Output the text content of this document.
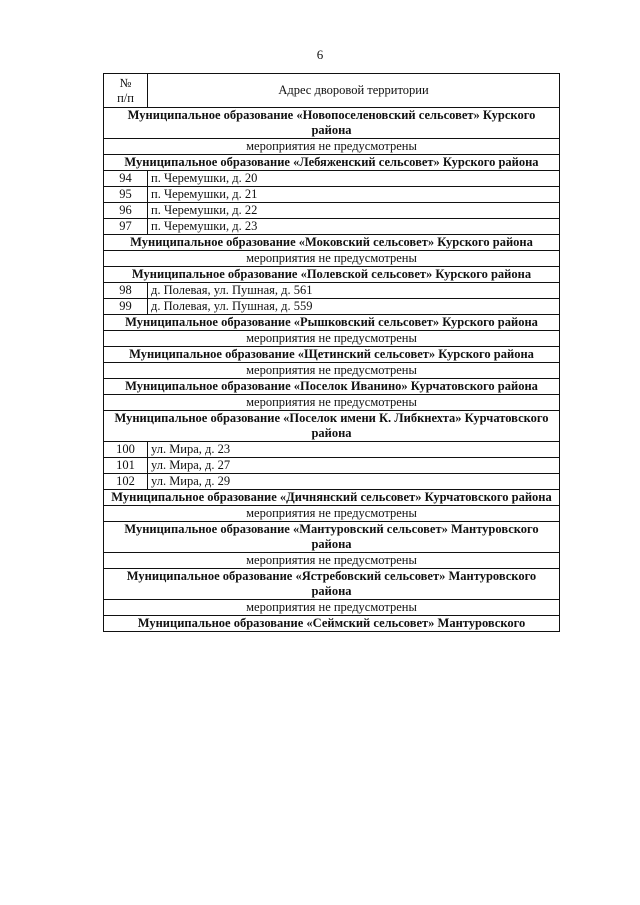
6
№
п/п	Адрес дворовой территории
Муниципальное образование «Новопоселеновский сельсовет» Курского района	
мероприятия не предусмотрены	
Муниципальное образование «Лебяженский сельсовет» Курского района	
94	п. Черемушки, д. 20
95	п. Черемушки, д. 21
96	п. Черемушки, д. 22
97	п. Черемушки, д. 23
Муниципальное образование «Моковский сельсовет» Курского района	
мероприятия не предусмотрены	
Муниципальное образование «Полевской сельсовет» Курского района	
98	д. Полевая, ул. Пушная, д. 561
99	д. Полевая, ул. Пушная, д. 559
Муниципальное образование «Рышковский сельсовет» Курского района	
мероприятия не предусмотрены	
Муниципальное образование «Щетинский сельсовет» Курского района	
мероприятия не предусмотрены	
Муниципальное образование «Поселок Иванино» Курчатовского района	
мероприятия не предусмотрены	
Муниципальное образование «Поселок имени К. Либкнехта» Курчатовского района	
100	ул. Мира, д. 23
101	ул. Мира, д. 27
102	ул. Мира, д. 29
Муниципальное образование «Дичнянский сельсовет» Курчатовского района	
мероприятия не предусмотрены	
Муниципальное образование «Мантуровский сельсовет» Мантуровского района	
мероприятия не предусмотрены	
Муниципальное образование «Ястребовский сельсовет» Мантуровского района	
мероприятия не предусмотрены	
Муниципальное образование «Сеймский сельсовет» Мантуровского	
